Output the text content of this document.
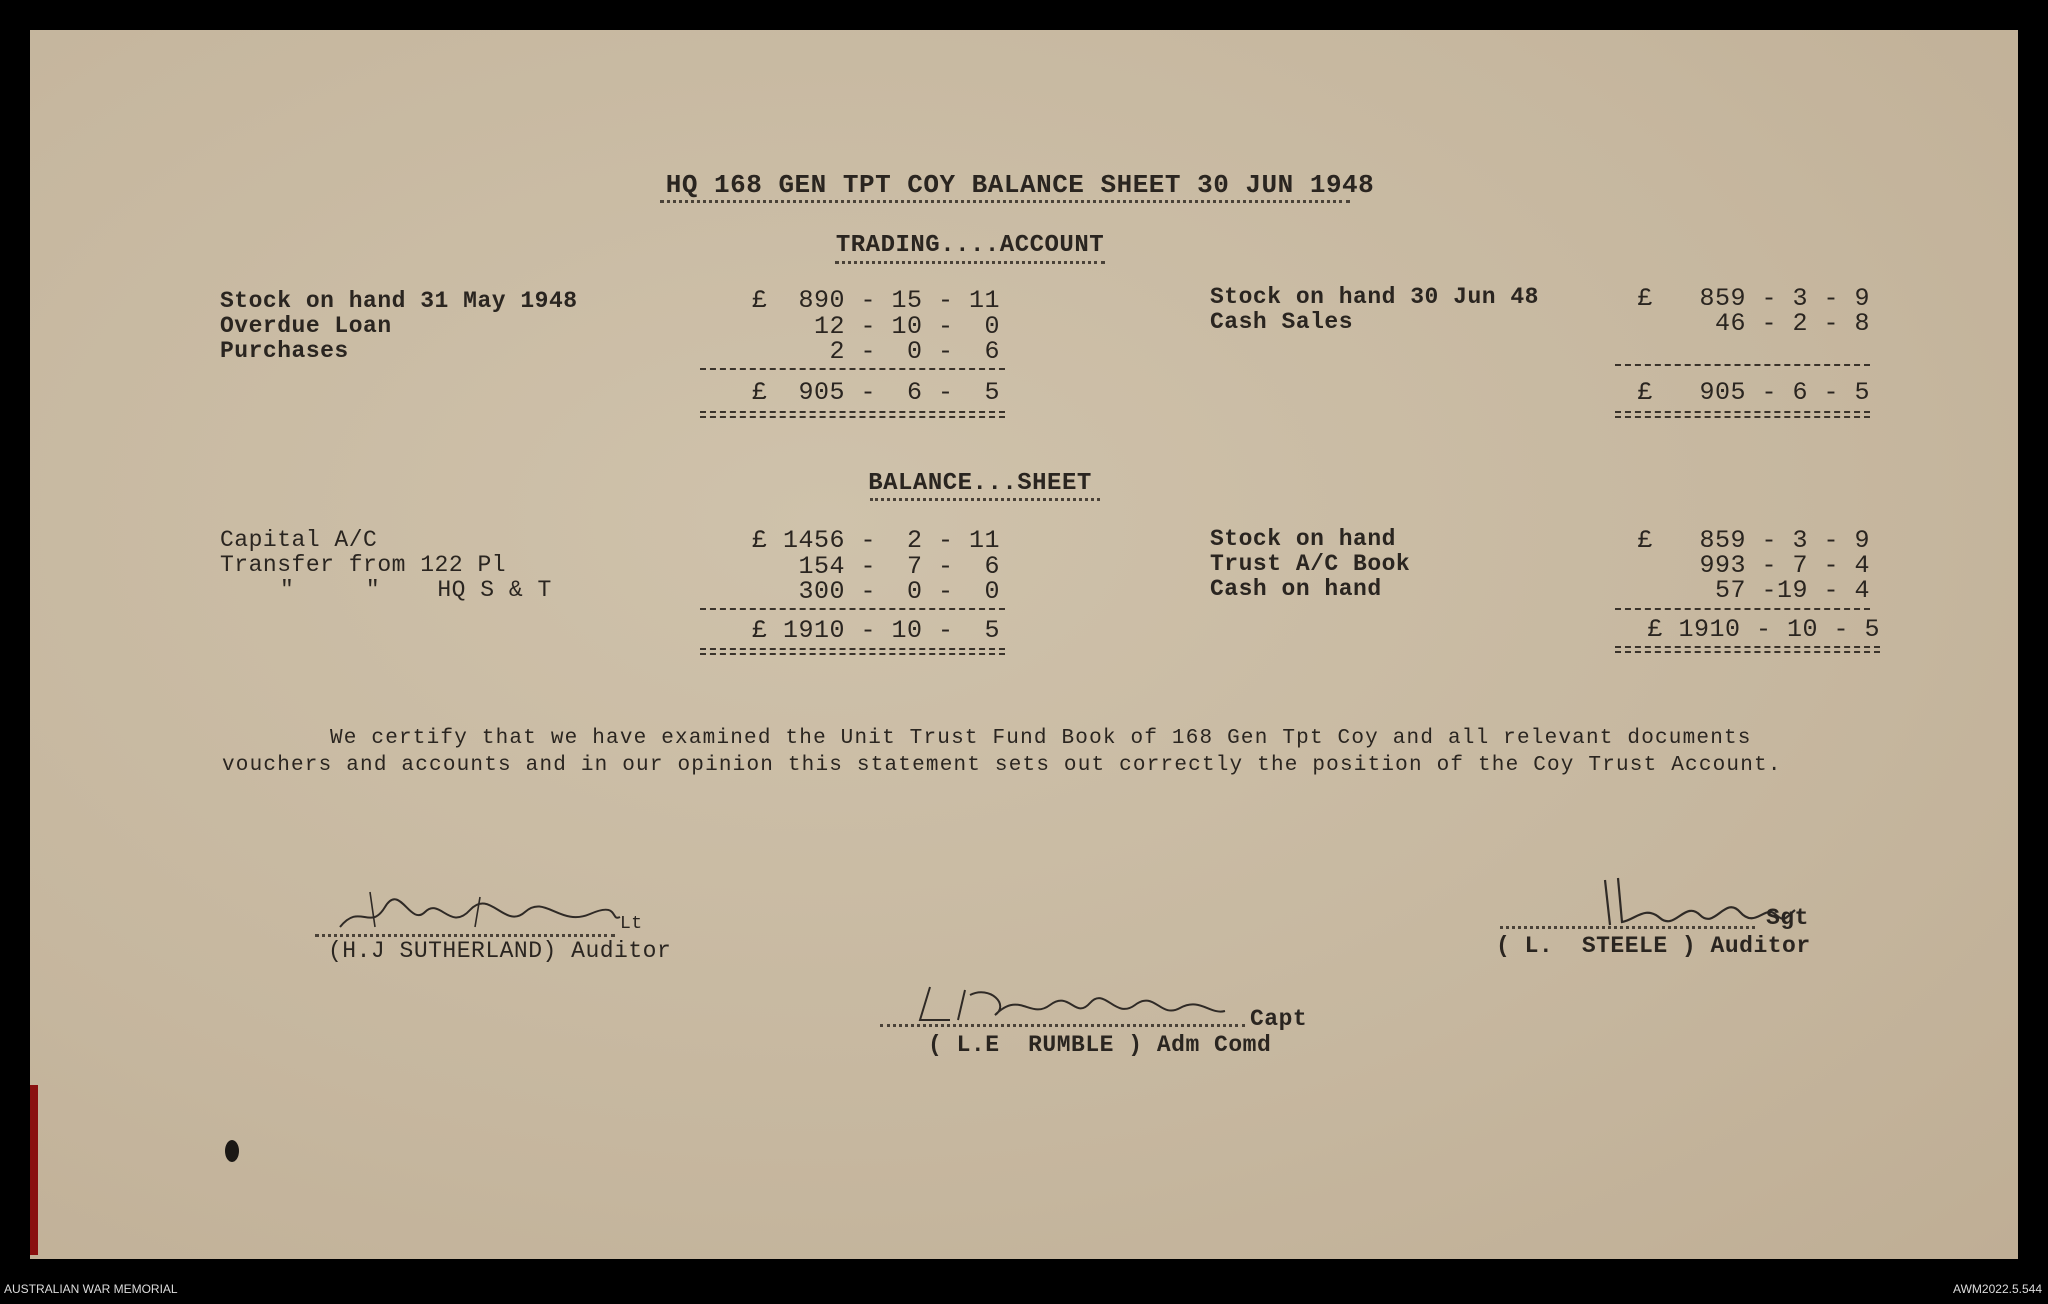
HQ 168 GEN TPT COY BALANCE SHEET 30 JUN 1948
TRADING....ACCOUNT
Stock on hand 31 May 1948
Overdue Loan
Purchases
£  890 - 15 - 11
12 - 10 -  0
2 -  0 -  6
£  905 -  6 -  5
Stock on hand 30 Jun 48
Cash Sales
£   859 - 3 - 9
46 - 2 - 8
£   905 - 6 - 5
BALANCE...SHEET
Capital A/C
Transfer from 122 Pl
"     "    HQ S & T
£ 1456 -  2 - 11
154 -  7 -  6
300 -  0 -  0
£ 1910 - 10 -  5
Stock on hand
Trust A/C Book
Cash on hand
£   859 - 3 - 9
993 - 7 - 4
57 -19 - 4
£ 1910 - 10 - 5
We certify that we have examined the Unit Trust Fund Book of 168 Gen Tpt Coy and all relevant documents
vouchers and accounts and in our opinion this statement sets out correctly the position of the Coy Trust Account.
Lt
(H.J SUTHERLAND) Auditor
Sgt
( L.  STEELE ) Auditor
Capt
( L.E  RUMBLE ) Adm Comd
AUSTRALIAN WAR MEMORIAL	AWM2022.5.544
